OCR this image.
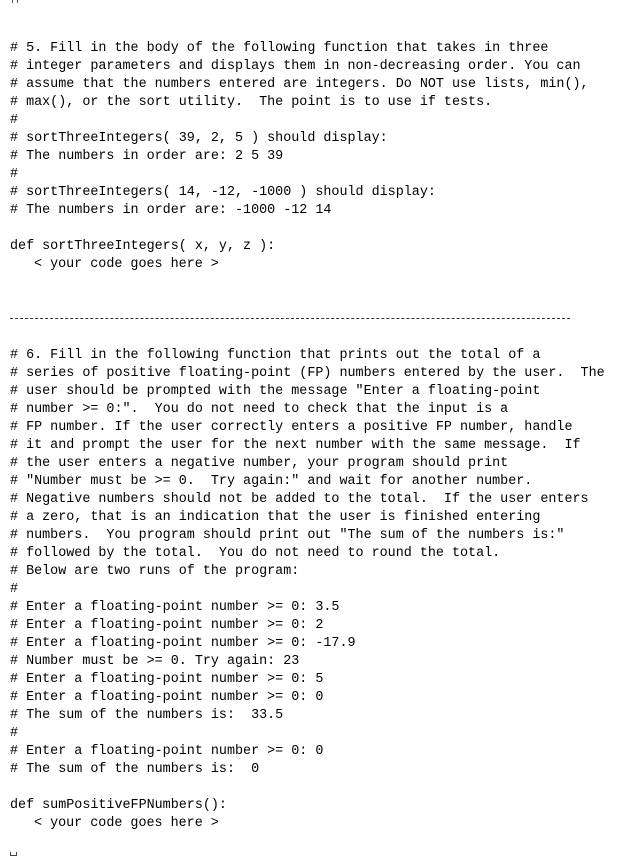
# 5. Fill in the body of the following function that takes in three
# integer parameters and displays them in non-decreasing order. You can
# assume that the numbers entered are integers. Do NOT use lists, min(),
# max(), or the sort utility.  The point is to use if tests.
#
# sortThreeIntegers( 39, 2, 5 ) should display:
# The numbers in order are: 2 5 39
#
# sortThreeIntegers( 14, -12, -1000 ) should display:
# The numbers in order are: -1000 -12 14
def sortThreeIntegers( x, y, z ):
< your code goes here >
# 6. Fill in the following function that prints out the total of a
# series of positive floating-point (FP) numbers entered by the user.  The
# user should be prompted with the message "Enter a floating-point
# number >= 0:".  You do not need to check that the input is a
# FP number. If the user correctly enters a positive FP number, handle
# it and prompt the user for the next number with the same message.  If
# the user enters a negative number, your program should print
# "Number must be >= 0.  Try again:" and wait for another number.
# Negative numbers should not be added to the total.  If the user enters
# a zero, that is an indication that the user is finished entering
# numbers.  You program should print out "The sum of the numbers is:"
# followed by the total.  You do not need to round the total.
# Below are two runs of the program:
#
# Enter a floating-point number >= 0: 3.5
# Enter a floating-point number >= 0: 2
# Enter a floating-point number >= 0: -17.9
# Number must be >= 0. Try again: 23
# Enter a floating-point number >= 0: 5
# Enter a floating-point number >= 0: 0
# The sum of the numbers is:  33.5
#
# Enter a floating-point number >= 0: 0
# The sum of the numbers is:  0
def sumPositiveFPNumbers():
< your code goes here >
